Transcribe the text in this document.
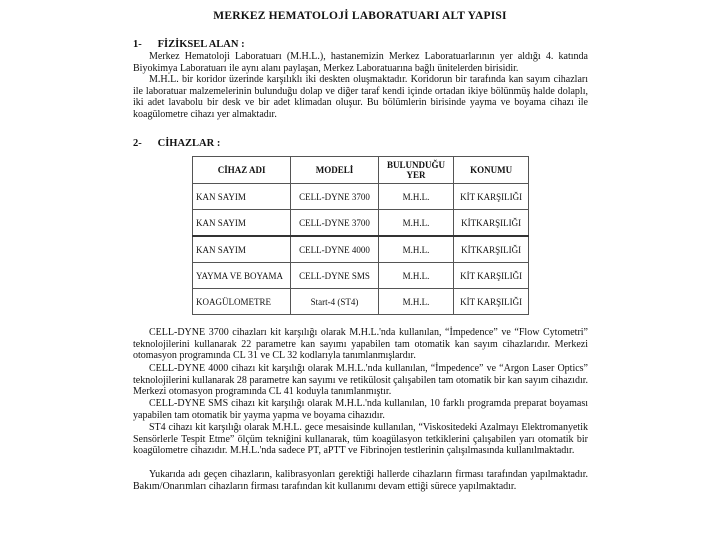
MERKEZ HEMATOLOJİ LABORATUARI ALT YAPISI
1- FİZİKSEL ALAN :
Merkez Hematoloji Laboratuarı (M.H.L.), hastanemizin Merkez Laboratuarlarının yer aldığı 4. katında Biyokimya Laboratuarı ile aynı alanı paylaşan, Merkez Laboratuarına bağlı ünitelerden birisidir.
M.H.L. bir koridor üzerinde karşılıklı iki deskten oluşmaktadır. Koridorun bir tarafında kan sayım cihazları ile laboratuar malzemelerinin bulunduğu dolap ve diğer taraf kendi içinde ortadan ikiye bölünmüş halde dolaplı, iki adet lavabolu bir desk ve bir adet klimadan oluşur. Bu bölümlerin birisinde yayma ve boyama cihazı ile koagülometre cihazı yer almaktadır.
2- CİHAZLAR :
CİHAZ ADI	MODELİ	BULUNDUĞU YER	KONUMU
KAN SAYIM	CELL-DYNE 3700	M.H.L.	KİT KARŞILIĞI
KAN SAYIM	CELL-DYNE 3700	M.H.L.	KİTKARŞILIĞI
KAN SAYIM	CELL-DYNE 4000	M.H.L.	KİTKARŞILIĞI
YAYMA VE BOYAMA	CELL-DYNE SMS	M.H.L.	KİT KARŞILIĞI
KOAGÜLOMETRE	Start-4 (ST4)	M.H.L.	KİT KARŞILIĞI
CELL-DYNE 3700 cihazları kit karşılığı olarak M.H.L.'nda kullanılan, “İmpedence” ve “Flow Cytometri” teknolojilerini kullanarak 22 parametre kan sayımı yapabilen tam otomatik kan sayım cihazlarıdır. Merkezi otomasyon programında CL 31 ve CL 32 kodlarıyla tanımlanmışlardır.
CELL-DYNE 4000 cihazı kit karşılığı olarak M.H.L.'nda kullanılan, “İmpedence” ve “Argon Laser Optics” teknolojilerini kullanarak 28 parametre kan sayımı ve retikülosit çalışabilen tam otomatik bir kan sayım cihazıdır. Merkezi otomasyon programında CL 41 koduyla tanımlanmıştır.
CELL-DYNE SMS cihazı kit karşılığı olarak M.H.L.'nda kullanılan, 10 farklı programda preparat boyaması yapabilen tam otomatik bir yayma yapma ve boyama cihazıdır.
ST4 cihazı kit karşılığı olarak M.H.L. gece mesaisinde kullanılan, “Viskositedeki Azalmayı Elektromanyetik Sensörlerle Tespit Etme” ölçüm tekniğini kullanarak, tüm koagülasyon tetkiklerini çalışabilen yarı otomatik bir koagülometre cihazıdır. M.H.L.'nda sadece PT, aPTT ve Fibrinojen testlerinin çalışılmasında kullanılmaktadır.
Yukarıda adı geçen cihazların, kalibrasyonları gerektiği hallerde cihazların firması tarafından yapılmaktadır. Bakım/Onarımları cihazların firması tarafından kit kullanımı devam ettiği sürece yapılmaktadır.
